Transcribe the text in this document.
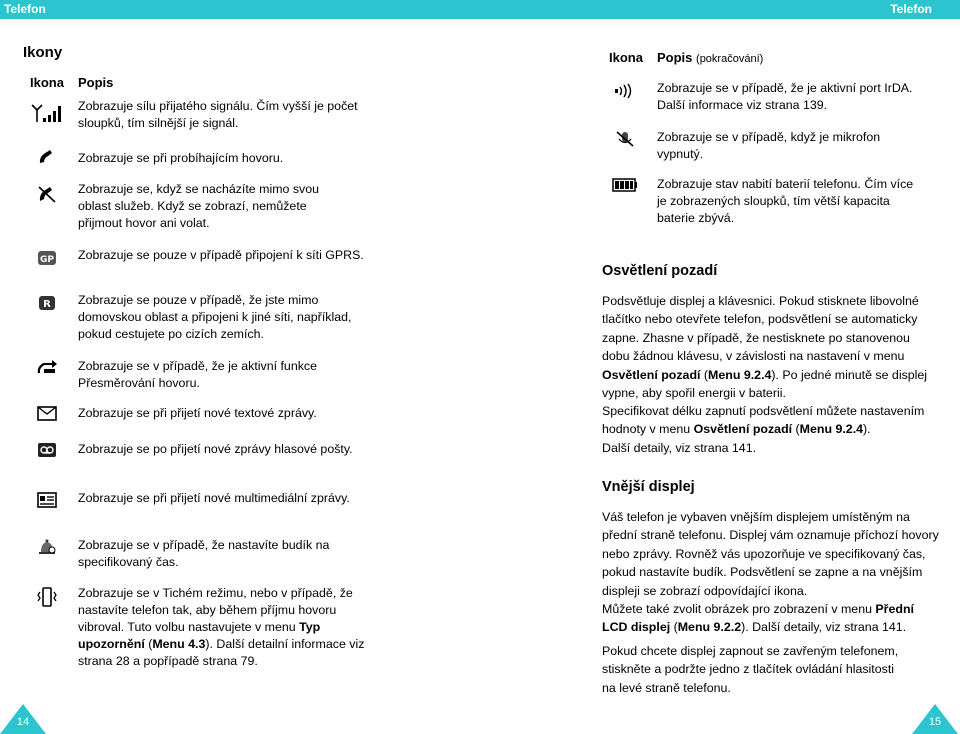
Telefon	Telefon
Ikony
Ikona Popis
GP
R
Zobrazuje sílu přijatého signálu. Čím vyšší je počet sloupků, tím silnější je signál.
Zobrazuje se při probíhajícím hovoru.
Zobrazuje se, když se nacházíte mimo svou oblast služeb. Když se zobrazí, nemůžete přijmout hovor ani volat.
Zobrazuje se pouze v případě připojení k síti GPRS.
Zobrazuje se pouze v případě, že jste mimo domovskou oblast a připojeni k jiné síti, například, pokud cestujete po cizích zemích.
Zobrazuje se v případě, že je aktivní funkce Přesměrování hovoru.
Zobrazuje se při přijetí nové textové zprávy.
Zobrazuje se po přijetí nové zprávy hlasové pošty.
Zobrazuje se při přijetí nové multimediální zprávy.
Zobrazuje se v případě, že nastavíte budík na specifikovaný čas.
Zobrazuje se v Tichém režimu, nebo v případě, že nastavíte telefon tak, aby během příjmu hovoru vibroval. Tuto volbu nastavujete v menu Typ upozornění (Menu 4.3). Další detailní informace viz strana 28 a popřípadě strana 79.
14
Ikona Popis (pokračování)
Zobrazuje se v případě, že je aktivní port IrDA. Další informace viz strana 139.
Zobrazuje se v případě, když je mikrofon vypnutý.
Zobrazuje stav nabití baterií telefonu. Čím více je zobrazených sloupků, tím větší kapacita baterie zbývá.
Osvětlení pozadí
Podsvětluje displej a klávesnici. Pokud stisknete libovolné tlačítko nebo otevřete telefon, podsvětlení se automaticky zapne. Zhasne v případě, že nestisknete po stanovenou dobu žádnou klávesu, v závislosti na nastavení v menu Osvětlení pozadí (Menu 9.2.4). Po jedné minutě se displej vypne, aby spořil energii v baterii.
Specifikovat délku zapnutí podsvětlení můžete nastavením hodnoty v menu Osvětlení pozadí (Menu 9.2.4).
Další detaily, viz strana 141.
Vnější displej
Váš telefon je vybaven vnějším displejem umístěným na přední straně telefonu. Displej vám oznamuje příchozí hovory nebo zprávy. Rovněž vás upozorňuje ve specifikovaný čas, pokud nastavíte budík. Podsvětlení se zapne a na vnějším displeji se zobrazí odpovídající ikona.
Můžete také zvolit obrázek pro zobrazení v menu Přední LCD displej (Menu 9.2.2). Další detaily, viz strana 141.
Pokud chcete displej zapnout se zavřeným telefonem,
stiskněte a podržte jedno z tlačítek ovládání hlasitosti
na levé straně telefonu.
15
